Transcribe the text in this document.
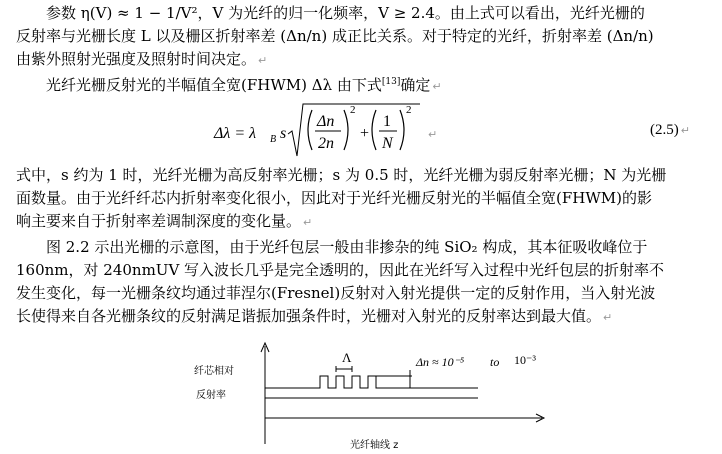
参数 η(V) ≈ 1 − 1/V²，V 为光纤的归一化频率，V ≥ 2.4。由上式可以看出，光纤光栅的
反射率与光栅长度 L 以及栅区折射率差 (Δn/n) 成正比关系。对于特定的光纤，折射率差 (Δn/n)
由紫外照射光强度及照射时间决定。 ↵

光纤光栅反射光的半幅值全宽(FHWM) Δλ 由下式[13]确定 ↵

Δλ = λ B s
Δn
2n
2
+
1
N
2
↵	(2.5) ↵

式中，s 约为 1 时，光纤光栅为高反射率光栅；s 为 0.5 时，光纤光栅为弱反射率光栅；N 为光栅
面数量。由于光纤纤芯内折射率变化很小，因此对于光纤光栅反射光的半幅值全宽(FHWM)的影
响主要来自于折射率差调制深度的变化量。 ↵

图 2.2 示出光栅的示意图，由于光纤包层一般由非掺杂的纯 SiO₂ 构成，其本征吸收峰位于
160nm，对 240nmUV 写入波长几乎是完全透明的，因此在光纤写入过程中光纤包层的折射率不
发生变化，每一光栅条纹均通过菲涅尔(Fresnel)反射对入射光提供一定的反射作用，当入射光波
长使得来自各光栅条纹的反射满足谐振加强条件时，光栅对入射光的反射率达到最大值。 ↵

纤芯相对
反射率
Λ	Δn ≈ 10⁻⁵ to 10⁻³
光纤轴线 z
